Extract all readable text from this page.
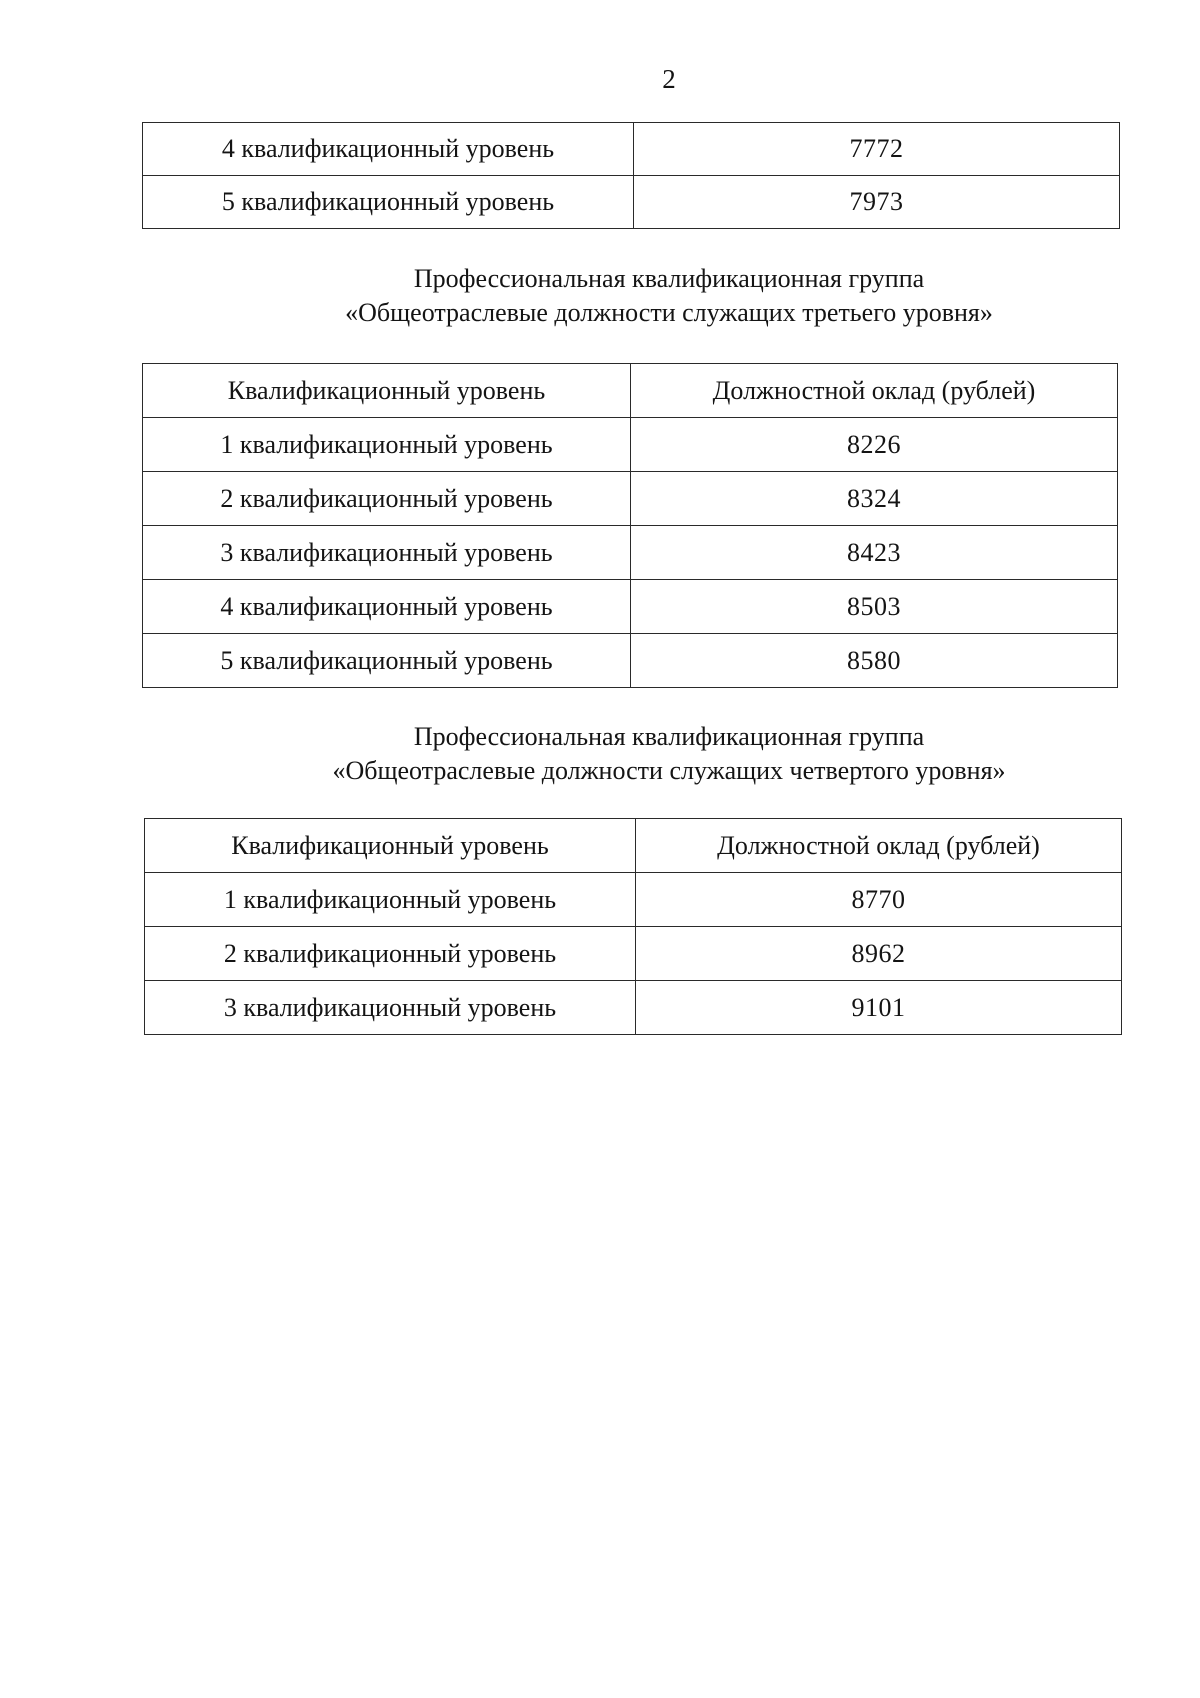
2
4 квалификационный уровень	7772
5 квалификационный уровень	7973
Профессиональная квалификационная группа
«Общеотраслевые должности служащих третьего уровня»
Квалификационный уровень	Должностной оклад (рублей)
1 квалификационный уровень	8226
2 квалификационный уровень	8324
3 квалификационный уровень	8423
4 квалификационный уровень	8503
5 квалификационный уровень	8580
Профессиональная квалификационная группа
«Общеотраслевые должности служащих четвертого уровня»
Квалификационный уровень	Должностной оклад (рублей)
1 квалификационный уровень	8770
2 квалификационный уровень	8962
3 квалификационный уровень	9101
